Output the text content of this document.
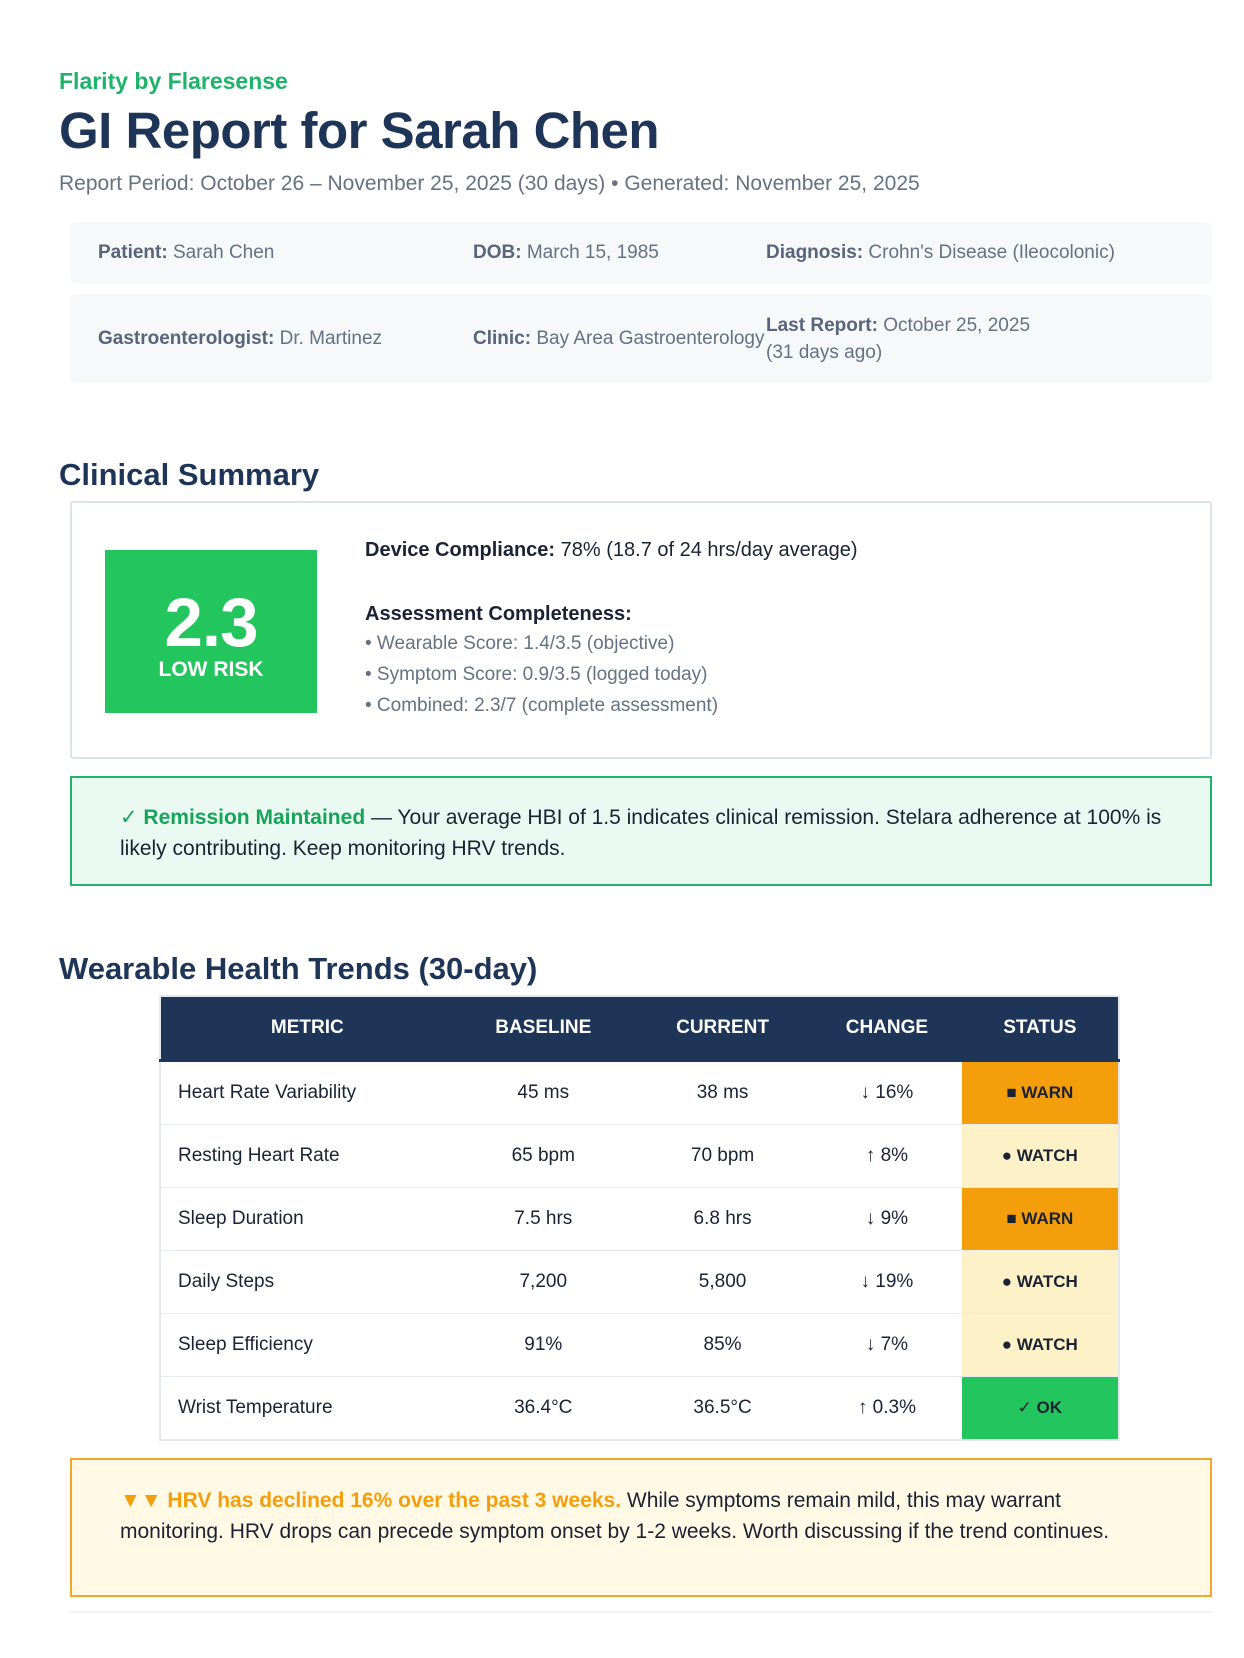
Flarity by Flaresense
GI Report for Sarah Chen
Report Period: October 26 – November 25, 2025 (30 days) • Generated: November 25, 2025
Patient: Sarah Chen	DOB: March 15, 1985	Diagnosis: Crohn's Disease (Ileocolonic)
Gastroenterologist: Dr. Martinez	Clinic: Bay Area Gastroenterology
Last Report: October 25, 2025
(31 days ago)
Clinical Summary
2.3
LOW RISK
Device Compliance: 78% (18.7 of 24 hrs/day average)
Assessment Completeness:
• Wearable Score: 1.4/3.5 (objective)
• Symptom Score: 0.9/3.5 (logged today)
• Combined: 2.3/7 (complete assessment)
✓ Remission Maintained — Your average HBI of 1.5 indicates clinical remission. Stelara adherence at 100% is likely contributing. Keep monitoring HRV trends.
Wearable Health Trends (30-day)
METRIC	BASELINE	CURRENT	CHANGE	STATUS
Heart Rate Variability	45 ms	38 ms	↓ 16%	■ WARN
Resting Heart Rate	65 bpm	70 bpm	↑ 8%	● WATCH
Sleep Duration	7.5 hrs	6.8 hrs	↓ 9%	■ WARN
Daily Steps	7,200	5,800	↓ 19%	● WATCH
Sleep Efficiency	91%	85%	↓ 7%	● WATCH
Wrist Temperature	36.4°C	36.5°C	↑ 0.3%	✓ OK
▼▼ HRV has declined 16% over the past 3 weeks. While symptoms remain mild, this may warrant monitoring. HRV drops can precede symptom onset by 1-2 weeks. Worth discussing if the trend continues.
